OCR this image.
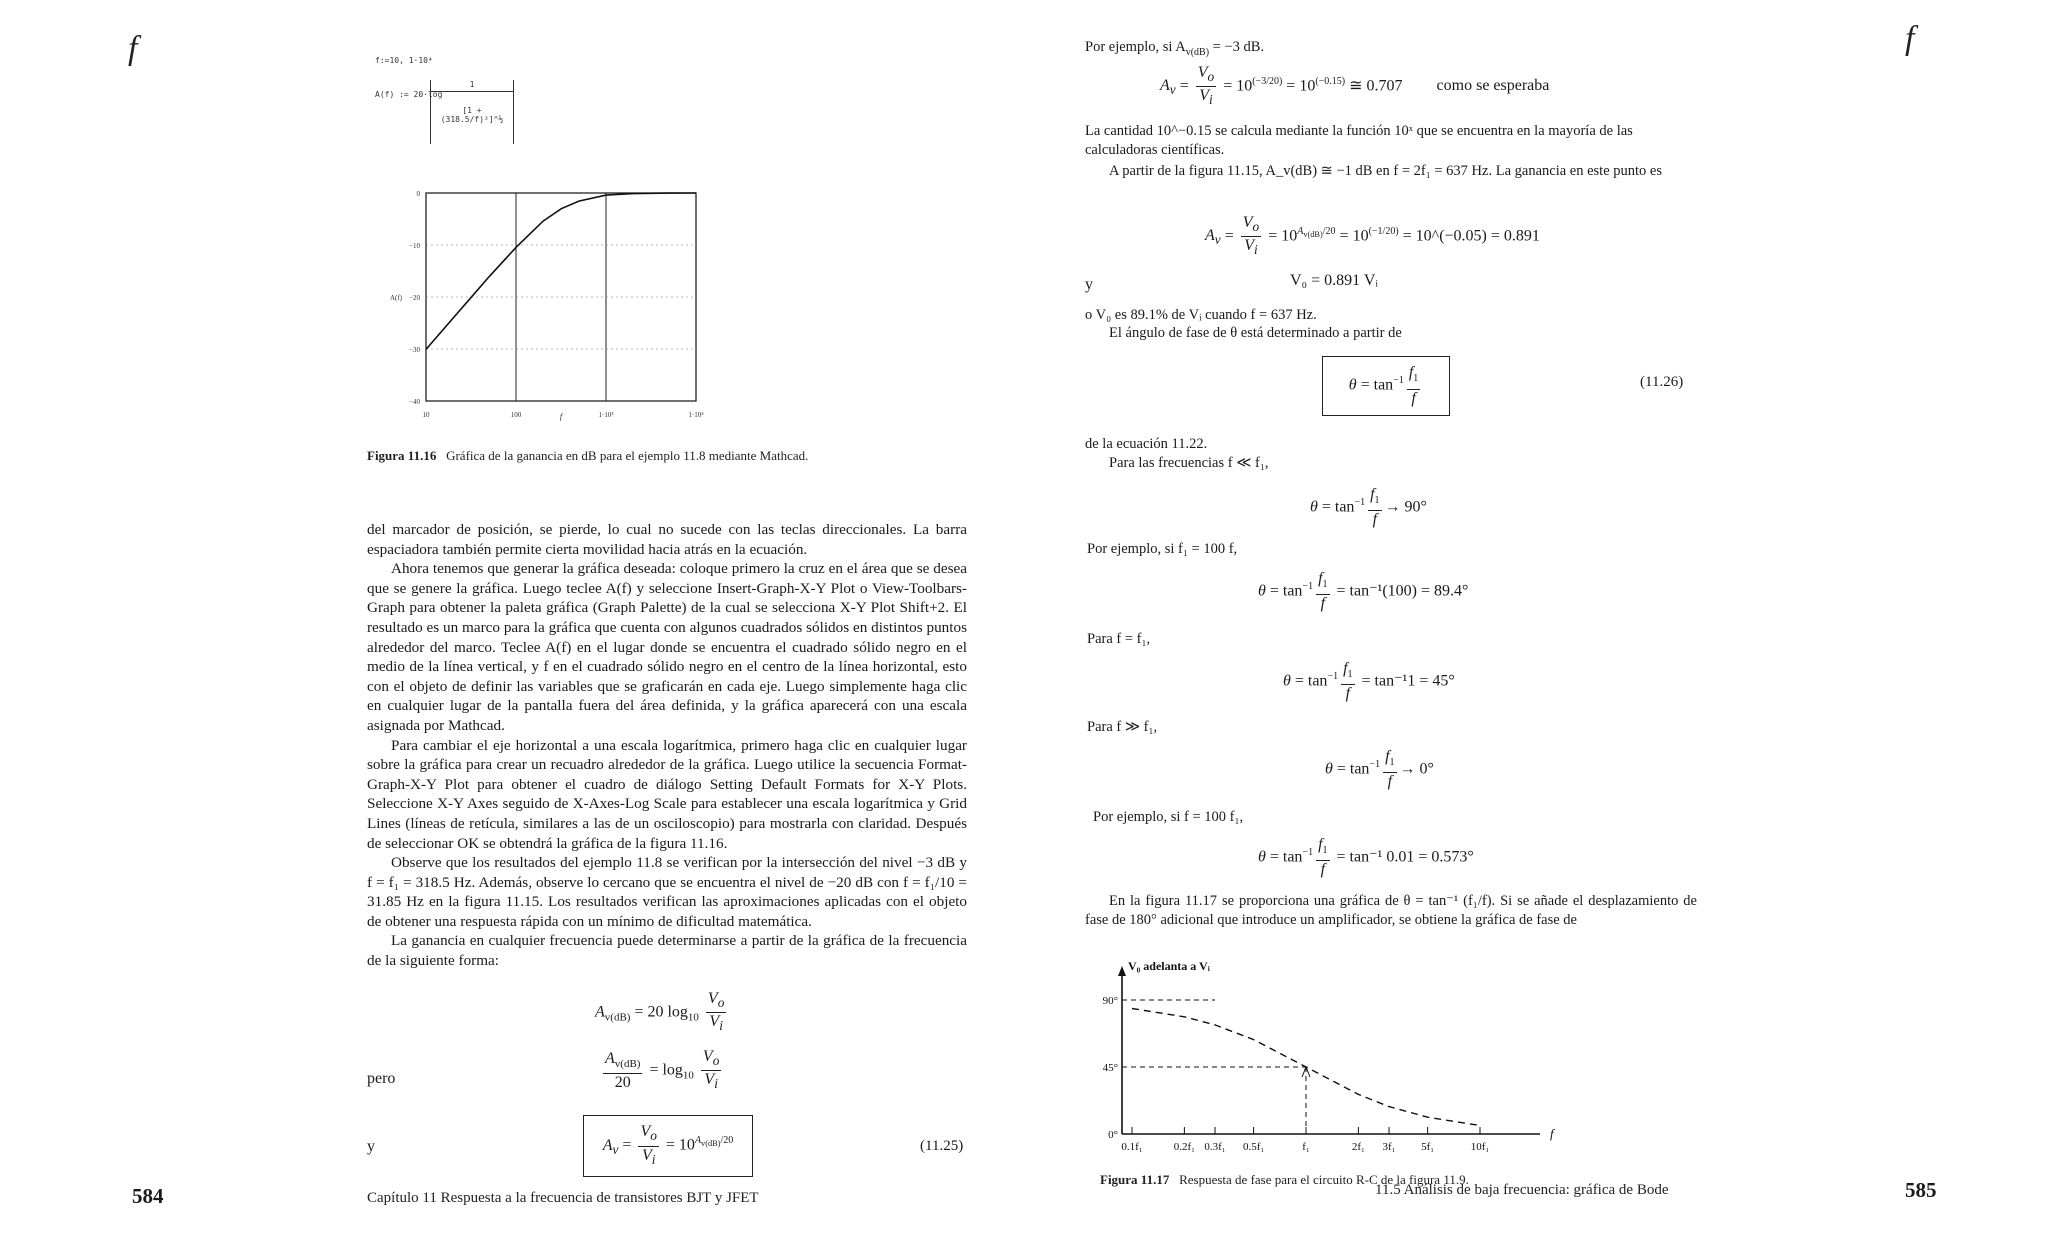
f	f:=10, 1·10⁴
A(f) := 20·log
$\frac{1}{\text{[1 + (318.5/f)²]\textasciicircum{}½}}$
0
−10
−20
−30
−40
10	100	1·10³	1·10⁴
A(f)
f
Figura 11.16 Gráfica de la ganancia en dB para el ejemplo 11.8 mediante Mathcad.

del marcador de posición, se pierde, lo cual no sucede con las teclas direccionales. La barra espaciadora también permite cierta movilidad hacia atrás en la ecuación.

Ahora tenemos que generar la gráfica deseada: coloque primero la cruz en el área que se desea que se genere la gráfica. Luego teclee A(f) y seleccione Insert-Graph-X-Y Plot o View-Toolbars-Graph para obtener la paleta gráfica (Graph Palette) de la cual se selecciona X-Y Plot Shift+2. El resultado es un marco para la gráfica que cuenta con algunos cuadrados sólidos en distintos puntos alrededor del marco. Teclee A(f) en el lugar donde se encuentra el cuadrado sólido negro en el medio de la línea vertical, y f en el cuadrado sólido negro en el centro de la línea horizontal, esto con el objeto de definir las variables que se graficarán en cada eje. Luego simplemente haga clic en cualquier lugar de la pantalla fuera del área definida, y la gráfica aparecerá con una escala asignada por Mathcad.

Para cambiar el eje horizontal a una escala logarítmica, primero haga clic en cualquier lugar sobre la gráfica para crear un recuadro alrededor de la gráfica. Luego utilice la secuencia Format-Graph-X-Y Plot para obtener el cuadro de diálogo Setting Default Formats for X-Y Plots. Seleccione X-Y Axes seguido de X-Axes-Log Scale para establecer una escala logarítmica y Grid Lines (líneas de retícula, similares a las de un osciloscopio) para mostrarla con claridad. Después de seleccionar OK se obtendrá la gráfica de la figura 11.16.

Observe que los resultados del ejemplo 11.8 se verifican por la intersección del nivel −3 dB y f = f₁ = 318.5 Hz. Además, observe lo cercano que se encuentra el nivel de −20 dB con f = f₁/10 = 31.85 Hz en la figura 11.15. Los resultados verifican las aproximaciones aplicadas con el objeto de obtener una respuesta rápida con un mínimo de dificultad matemática.

La ganancia en cualquier frecuencia puede determinarse a partir de la gráfica de la frecuencia de la siguiente forma:

$A_{v(dB)} = 20$ $\log_{10} \frac{V_o}{V_i}$
pero	$\frac{A_{v(dB)}}{20} = \log_{10} \frac{V_o}{V_i}$
y	$A_v = \frac{V_o}{V_i} = 10^{A_{v(dB)}/20}$	(11.25)
584	Capítulo 11 Respuesta a la frecuencia de transistores BJT y JFET
f
Por ejemplo, si $A_{v(dB)} = -3$ dB.
$A_v = \frac{V_o}{V_i} = 10^{(-3/20)} = 10^{(-0.15)}$ ≅ 0.707 como se esperaba
La cantidad 10^−0.15 se calcula mediante la función 10ˣ que se encuentra en la mayoría de las calculadoras científicas.
A partir de la figura 11.15, A_v(dB) ≅ −1 dB en f = 2f₁ = 637 Hz. La ganancia en este punto es
$A_v = \frac{V_o}{V_i} = 10^{A_{v(dB)}/20} = 10^{(-1/20)}$ = 10^(−0.05) = 0.891
y	V₀ = 0.891 Vᵢ
o V₀ es 89.1% de Vᵢ cuando f = 637 Hz.
El ángulo de fase de θ está determinado a partir de
$\theta = \tan^{-1} \frac{f_1}{f}$	(11.26)
de la ecuación 11.22.
Para las frecuencias f ≪ f₁,
$\theta = \tan^{-1} \frac{f_1}{f} \to 90^\circ$
Por ejemplo, si f₁ = 100 f,
$\theta = \tan^{-1} \frac{f_1}{f} = \tan^{-1}(100) = 89.4^\circ$
Para f = f₁,
$\theta = \tan^{-1} \frac{f_1}{f} = \tan^{-1}1 = 45^\circ$
Para f ≫ f₁,
$\theta = \tan^{-1} \frac{f_1}{f} \to 0^\circ$
Por ejemplo, si f = 100 f₁,
$\theta = \tan^{-1} \frac{f_1}{f} = \tan^{-1}$ 0.01 = 0.573°
En la figura 11.17 se proporciona una gráfica de θ = tan⁻¹ (f₁/f). Si se añade el desplazamiento de fase de 180° adicional que introduce un amplificador, se obtiene la gráfica de fase de
V₀ adelanta a Vᵢ
0°
45°
90°
0.1f₁	0.2f₁ 0.3f₁ 0.5f₁	f₁	2f₁ 3f₁ 5f₁	10f₁
f
Figura 11.17 Respuesta de fase para el circuito R-C de la figura 11.9.
11.5 Análisis de baja frecuencia: gráfica de Bode	585
